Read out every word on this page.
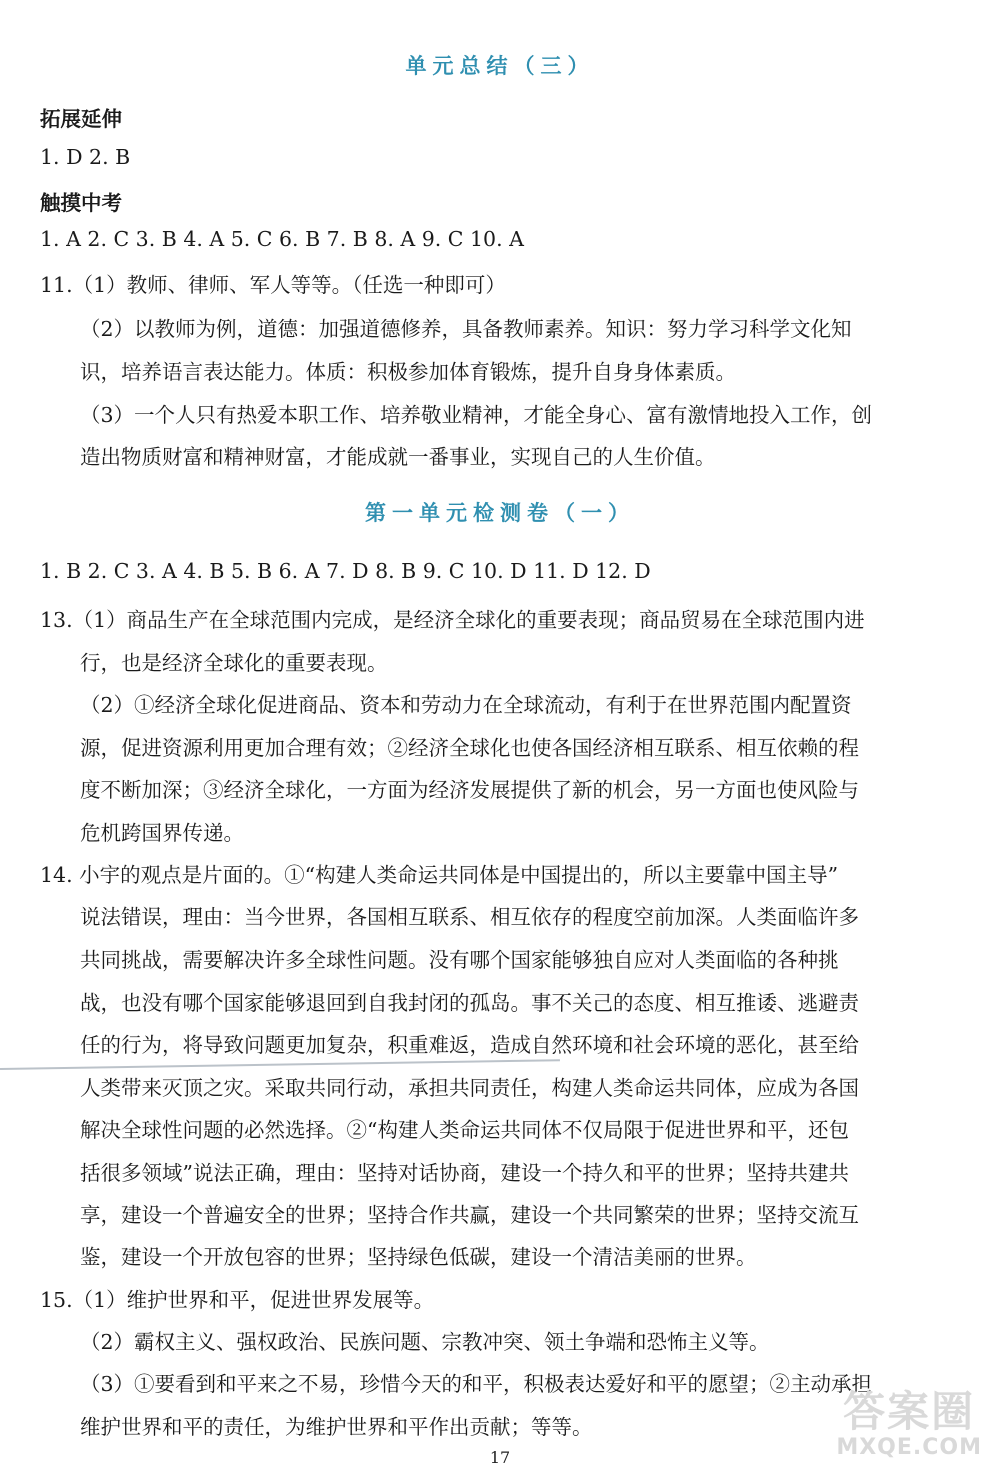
单元总结（三）
拓展延伸
1. D 2. B
触摸中考
1. A 2. C 3. B 4. A 5. C 6. B 7. B 8. A 9. C 10. A
11.（1）教师、律师、军人等等。（任选一种即可）
（2）以教师为例，道德：加强道德修养，具备教师素养。知识：努力学习科学文化知
识，培养语言表达能力。体质：积极参加体育锻炼，提升自身身体素质。
（3）一个人只有热爱本职工作、培养敬业精神，才能全身心、富有激情地投入工作，创
造出物质财富和精神财富，才能成就一番事业，实现自己的人生价值。
第一单元检测卷（一）
1. B 2. C 3. A 4. B 5. B 6. A 7. D 8. B 9. C 10. D 11. D 12. D
13.（1）商品生产在全球范围内完成，是经济全球化的重要表现；商品贸易在全球范围内进
行，也是经济全球化的重要表现。
（2）①经济全球化促进商品、资本和劳动力在全球流动，有利于在世界范围内配置资
源，促进资源利用更加合理有效；②经济全球化也使各国经济相互联系、相互依赖的程
度不断加深；③经济全球化，一方面为经济发展提供了新的机会，另一方面也使风险与
危机跨国界传递。
14. 小宇的观点是片面的。①“构建人类命运共同体是中国提出的，所以主要靠中国主导”
说法错误，理由：当今世界，各国相互联系、相互依存的程度空前加深。人类面临许多
共同挑战，需要解决许多全球性问题。没有哪个国家能够独自应对人类面临的各种挑
战，也没有哪个国家能够退回到自我封闭的孤岛。事不关己的态度、相互推诿、逃避责
任的行为，将导致问题更加复杂，积重难返，造成自然环境和社会环境的恶化，甚至给
人类带来灭顶之灾。采取共同行动，承担共同责任，构建人类命运共同体，应成为各国
解决全球性问题的必然选择。②“构建人类命运共同体不仅局限于促进世界和平，还包
括很多领域”说法正确，理由：坚持对话协商，建设一个持久和平的世界；坚持共建共
享，建设一个普遍安全的世界；坚持合作共赢，建设一个共同繁荣的世界；坚持交流互
鉴，建设一个开放包容的世界；坚持绿色低碳，建设一个清洁美丽的世界。
15.（1）维护世界和平，促进世界发展等。
（2）霸权主义、强权政治、民族问题、宗教冲突、领土争端和恐怖主义等。
（3）①要看到和平来之不易，珍惜今天的和平，积极表达爱好和平的愿望；②主动承担
维护世界和平的责任，为维护世界和平作出贡献；等等。
17
答案圈
MXQE.COM
